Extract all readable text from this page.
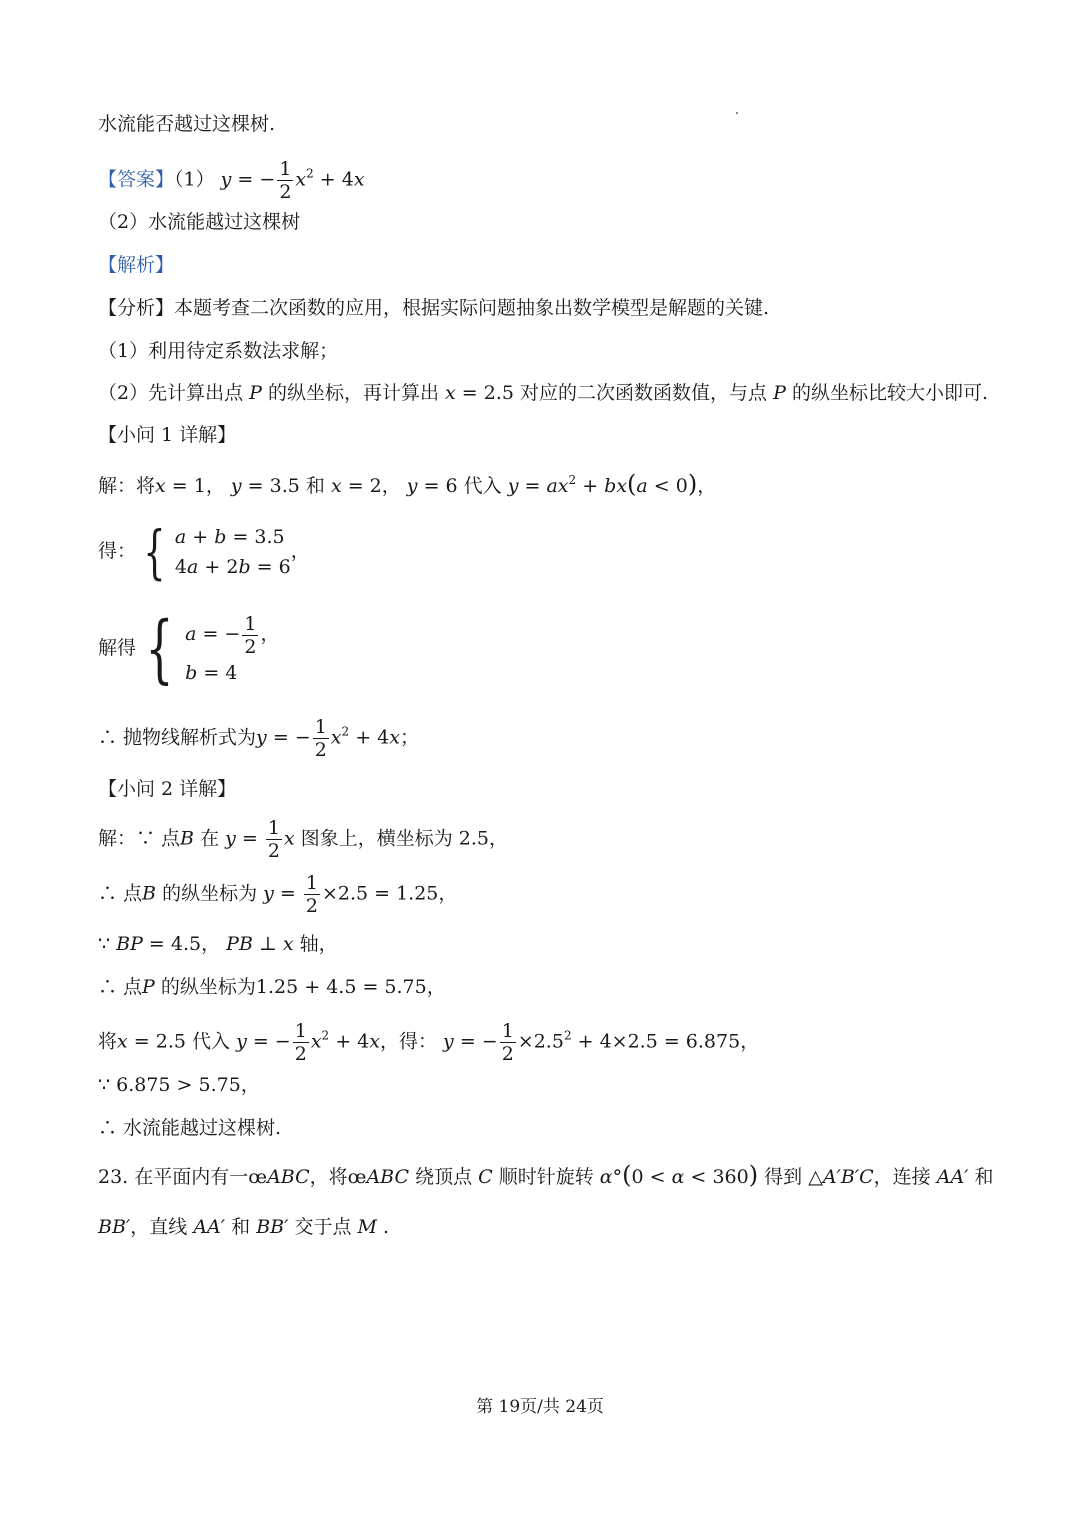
水流能否越过这棵树.
【答案】（1） y = − $\frac{1}{2} x^2 + 4x$
（2）水流能越过这棵树
【解析】
【分析】本题考查二次函数的应用，根据实际问题抽象出数学模型是解题的关键.
（1）利用待定系数法求解；
（2）先计算出点 P 的纵坐标，再计算出 x = 2.5 对应的二次函数函数值，与点 P 的纵坐标比较大小即可.
【小问 1 详解】
解：将x = 1， y = 3.5 和 x = 2， y = 6 代入 $y = ax^2 + bx(a < 0)$，
得： { a + b = 3.5
4a + 2b = 6
，
解得 { a = − $\frac{1}{2}$ ，
b = 4
∴ 抛物线解析式为y = − $\frac{1}{2} x^2 + 4x$；
【小问 2 详解】
解：∵ 点B 在 $y = \frac{1}{2}$ x 图象上，横坐标为 2.5，
∴ 点B 的纵坐标为 $y = \frac{1}{2} \times 2.5 = 1.25$，
∵ BP = 4.5， PB ⊥ x 轴，
∴ 点P 的纵坐标为1.25 + 4.5 = 5.75，
将x = 2.5 代入 y = − $\frac{1}{2} x^2 + 4x$，得： y = − $\frac{1}{2} \times 2.5^2 + 4\times 2.5 = 6.875$，
∵ 6.875 > 5.75，
∴ 水流能越过这棵树.
23. 在平面内有一œABC，将œABC 绕顶点 C 顺时针旋转 α°(0 < α < 360) 得到 △A′B′C，连接 AA′ 和
BB′，直线 AA′ 和 BB′ 交于点 M .
第 19页/共 24页
